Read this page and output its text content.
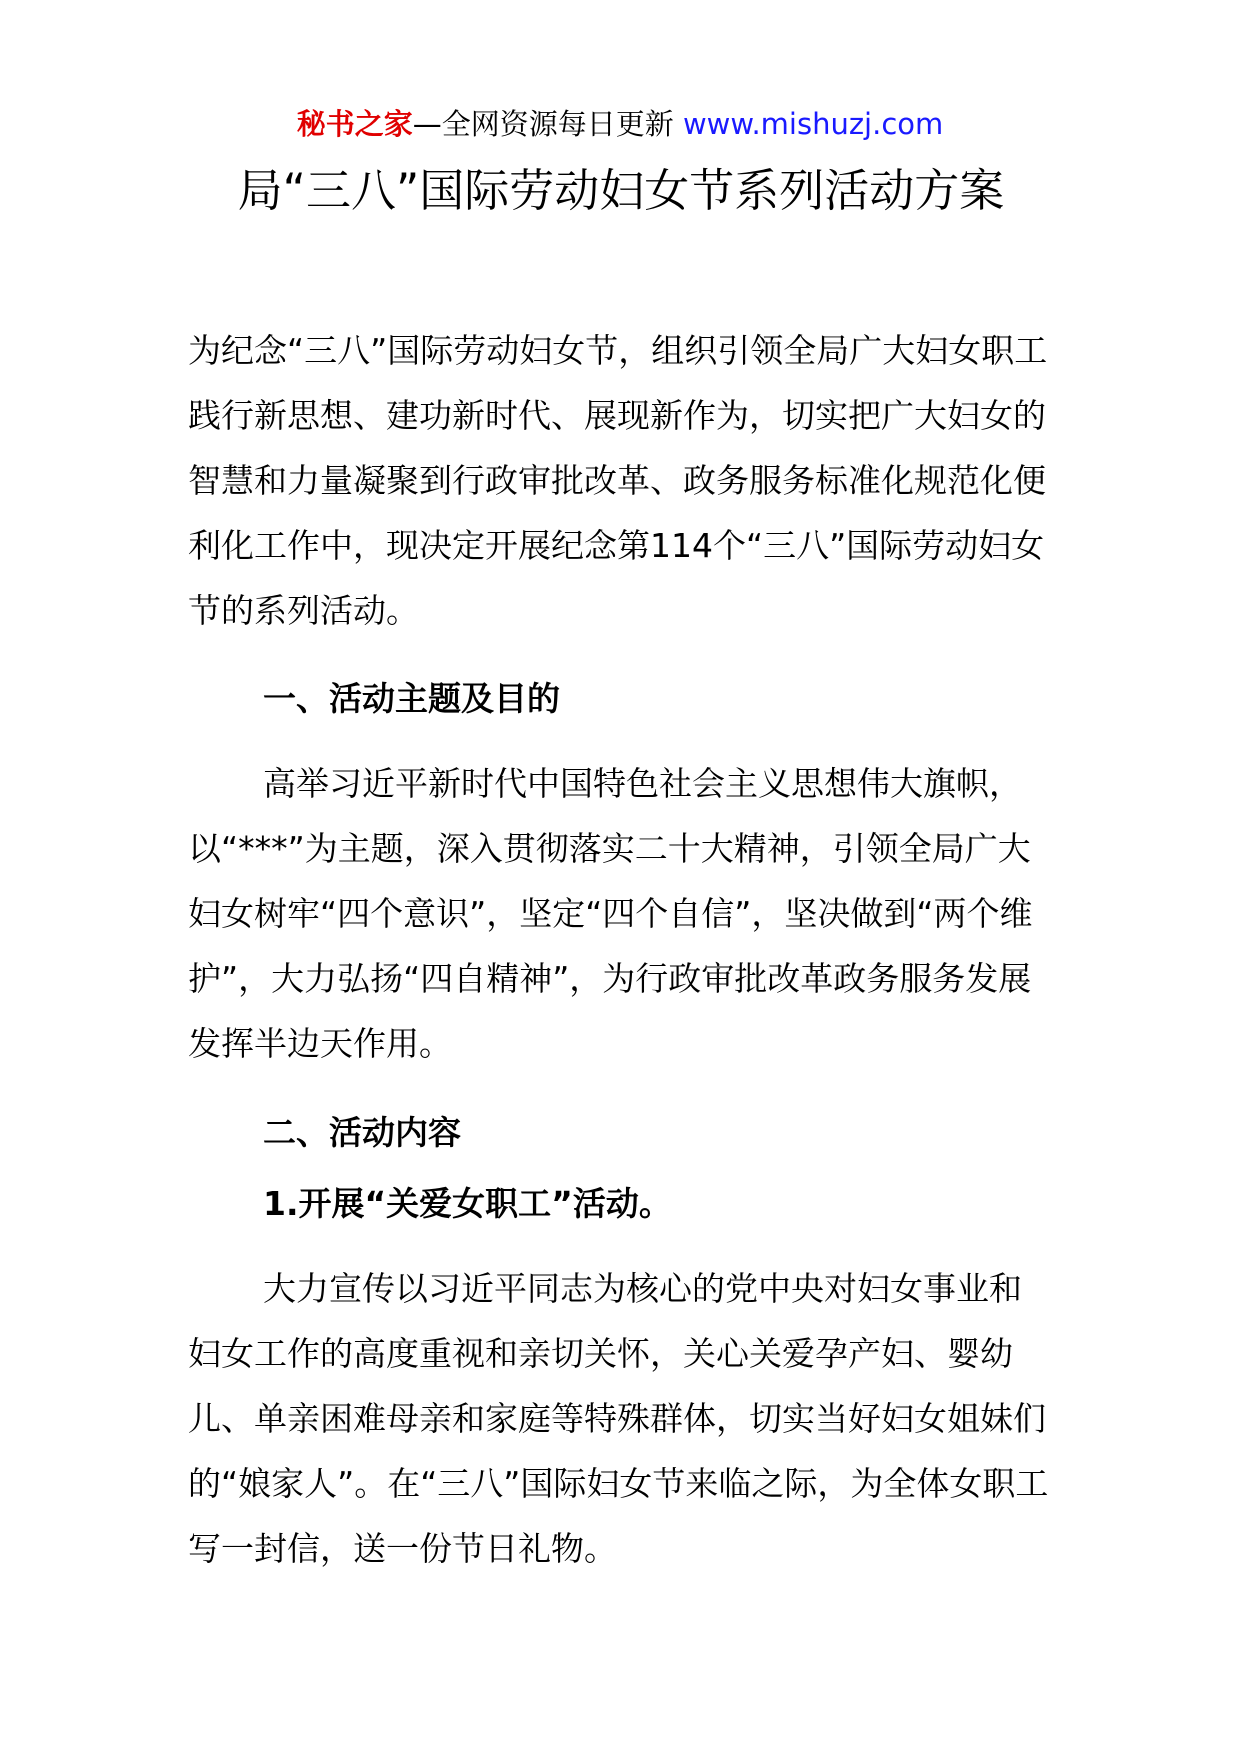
秘书之家—全网资源每日更新 www.mishuzj.com
局“三八”国际劳动妇女节系列活动方案

为纪念“三八”国际劳动妇女节，组织引领全局广大妇女职工践行新思想、建功新时代、展现新作为，切实把广大妇女的智慧和力量凝聚到行政审批改革、政务服务标准化规范化便利化工作中，现决定开展纪念第114个“三八”国际劳动妇女节的系列活动。

一、活动主题及目的

高举习近平新时代中国特色社会主义思想伟大旗帜，以“***”为主题，深入贯彻落实二十大精神，引领全局广大妇女树牢“四个意识”，坚定“四个自信”，坚决做到“两个维护”，大力弘扬“四自精神”，为行政审批改革政务服务发展发挥半边天作用。

二、活动内容

1.开展“关爱女职工”活动。

大力宣传以习近平同志为核心的党中央对妇女事业和妇女工作的高度重视和亲切关怀，关心关爱孕产妇、婴幼儿、单亲困难母亲和家庭等特殊群体，切实当好妇女姐妹们的“娘家人”。在“三八”国际妇女节来临之际，为全体女职工写一封信，送一份节日礼物。
